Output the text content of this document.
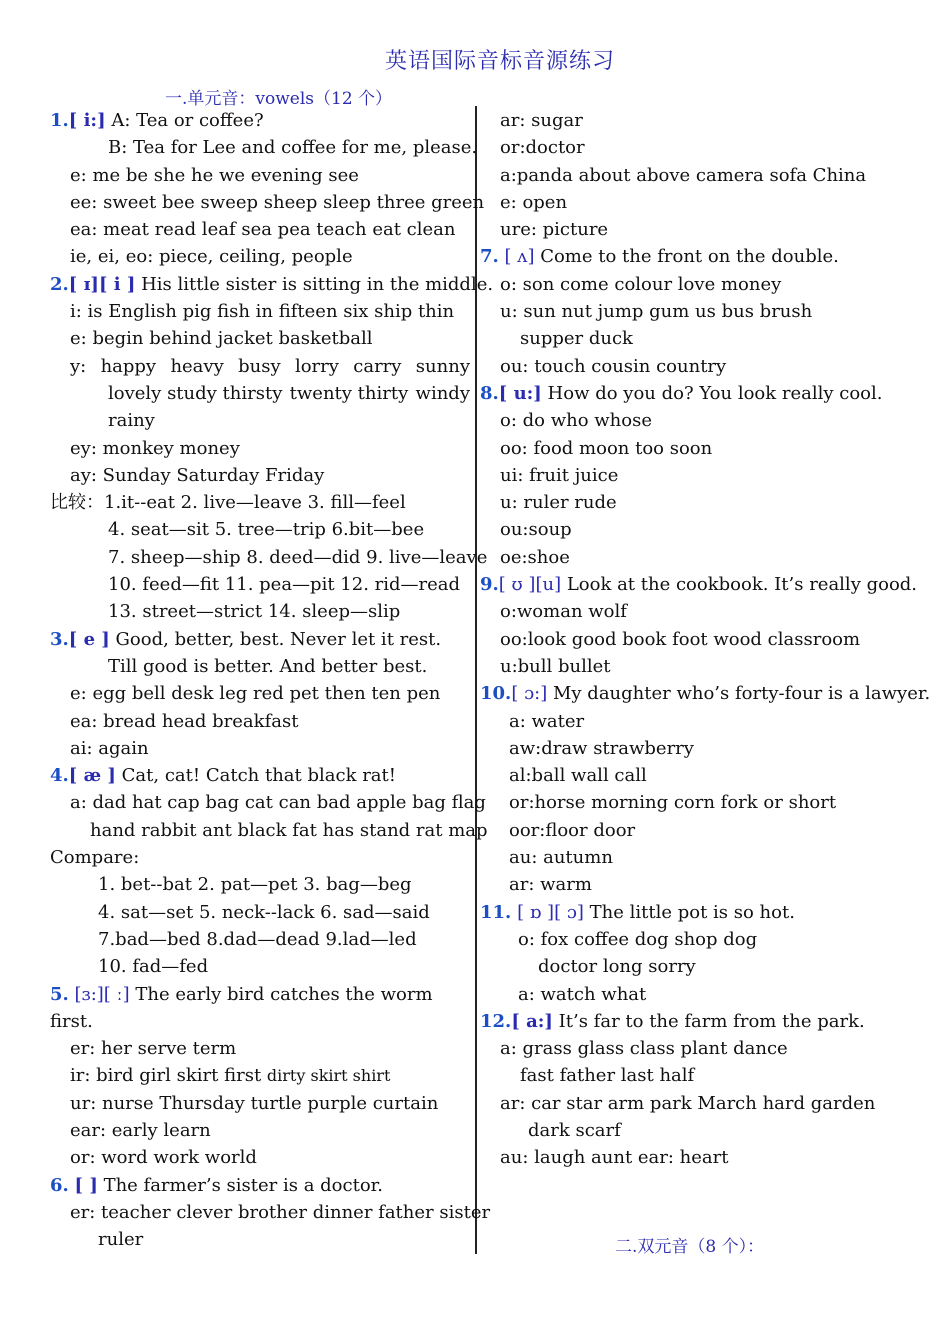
英语国际音标音源练习
一.单元音：vowels（12 个）
1.[ i:] A: Tea or coffee?
B: Tea for Lee and coffee for me, please.
e: me be she he we evening see
ee: sweet bee sweep sheep sleep three green
ea: meat read leaf sea pea teach eat clean
ie, ei, eo: piece, ceiling, people
2.[ ɪ][ i ] His little sister is sitting in the middle.
i: is English pig fish in fifteen six ship thin
e: begin behind jacket basketball
y: happy heavy busy lorry carry sunny
lovely study thirsty twenty thirty windy
rainy
ey: monkey money
ay: Sunday Saturday Friday
比较：1.it--eat 2. live—leave 3. fill—feel
4. seat—sit 5. tree—trip 6.bit—bee
7. sheep—ship 8. deed—did 9. live—leave
10. feed—fit 11. pea—pit 12. rid—read
13. street—strict 14. sleep—slip
3.[ e ] Good, better, best. Never let it rest.
Till good is better. And better best.
e: egg bell desk leg red pet then ten pen
ea: bread head breakfast
ai: again
4.[ æ ] Cat, cat! Catch that black rat!
a: dad hat cap bag cat can bad apple bag flag
hand rabbit ant black fat has stand rat map
Compare:
1. bet--bat 2. pat—pet 3. bag—beg
4. sat—set 5. neck--lack 6. sad—said
7.bad—bed 8.dad—dead 9.lad—led
10. fad—fed
5. [ɜ:][ ː] The early bird catches the worm
first.
er: her serve term
ir: bird girl skirt first dirty skirt shirt
ur: nurse Thursday turtle purple curtain
ear: early learn
or: word work world
6. [ ] The farmer’s sister is a doctor.
er: teacher clever brother dinner father sister
ruler
ar: sugar
or:doctor
a:panda about above camera sofa China
e: open
ure: picture
7. [ ʌ] Come to the front on the double.
o: son come colour love money
u: sun nut jump gum us bus brush
supper duck
ou: touch cousin country
8.[ u:] How do you do? You look really cool.
o: do who whose
oo: food moon too soon
ui: fruit juice
u: ruler rude
ou:soup
oe:shoe
9.[ ʊ ][u] Look at the cookbook. It’s really good.
o:woman wolf
oo:look good book foot wood classroom
u:bull bullet
10.[ ɔ:] My daughter who’s forty-four is a lawyer.
a: water
aw:draw strawberry
al:ball wall call
or:horse morning corn fork or short
oor:floor door
au: autumn
ar: warm
11. [ ɒ ][ ɔ] The little pot is so hot.
o: fox coffee dog shop dog
doctor long sorry
a: watch what
12.[ a:] It’s far to the farm from the park.
a: grass glass class plant dance
fast father last half
ar: car star arm park March hard garden
dark scarf
au: laugh aunt ear: heart
二.双元音（8 个）：
